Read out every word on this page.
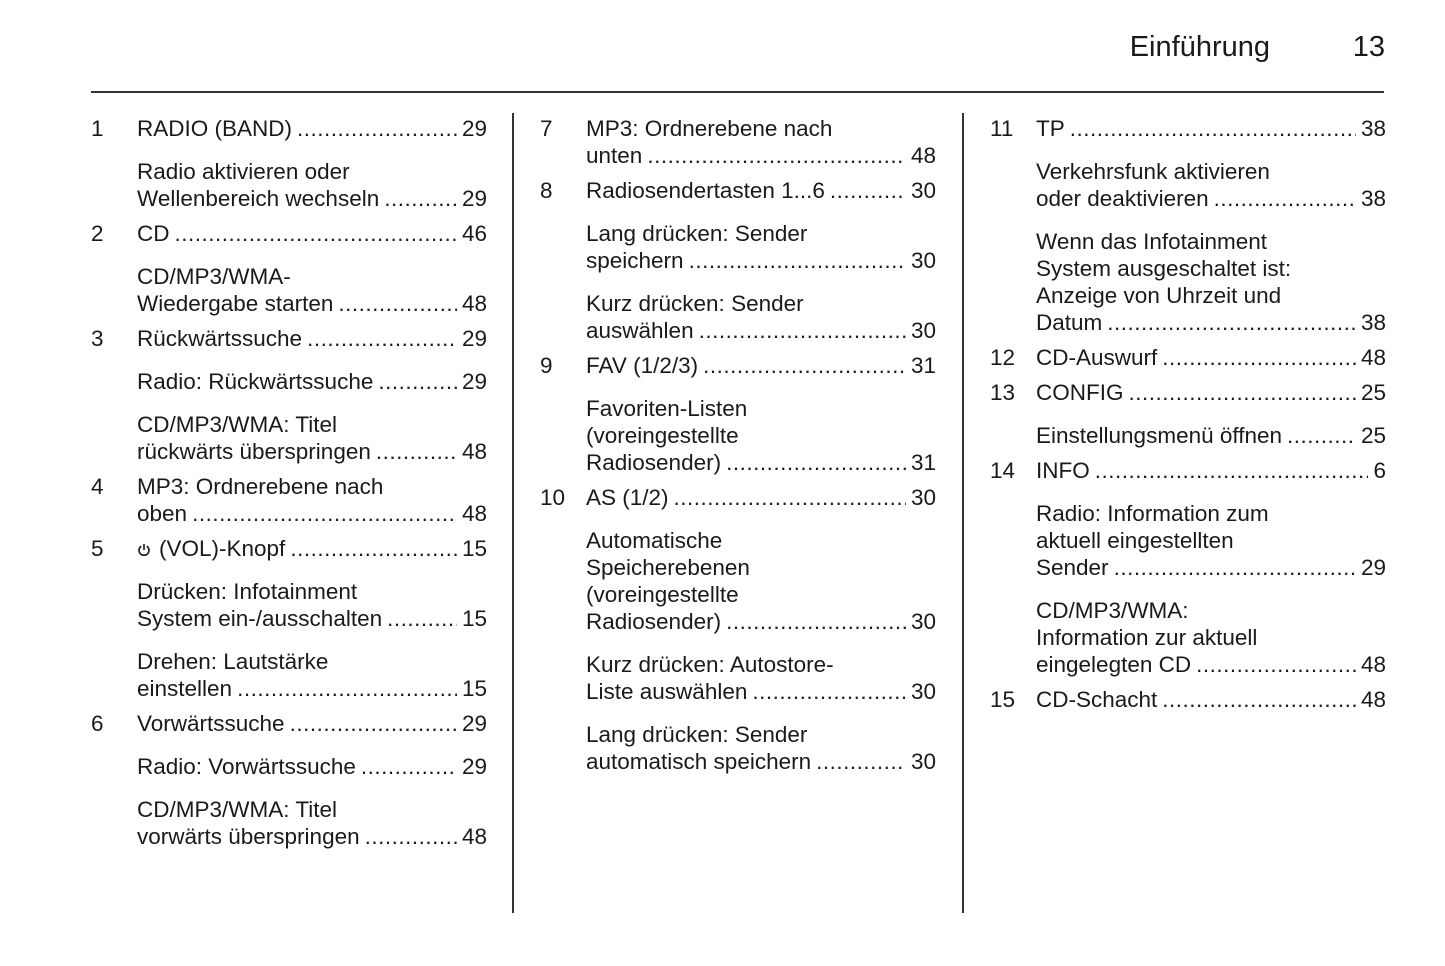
Einführung	13
1 RADIO (BAND) .....	29
Radio aktivieren oder
Wellenbereich wechseln .....	29
2 CD .....	46
CD/MP3/WMA-
Wiedergabe starten .....	48
3 Rückwärtssuche .....	29
Radio: Rückwärtssuche .....	29
CD/MP3/WMA: Titel
rückwärts überspringen .....	48
4 MP3: Ordnerebene nach
oben .....	48
5	(VOL)-Knopf .....	15
Drücken: Infotainment
System ein-/ausschalten .....	15
Drehen: Lautstärke
einstellen .....	15
6 Vorwärtssuche .....	29
Radio: Vorwärtssuche .....	29
CD/MP3/WMA: Titel
vorwärts überspringen .....	48
7 MP3: Ordnerebene nach
unten .....	48
8 Radiosendertasten 1...6 .....	30
Lang drücken: Sender
speichern .....	30
Kurz drücken: Sender
auswählen .....	30
9 FAV (1/2/3) .....	31
Favoriten-Listen
(voreingestellte
Radiosender) .....	31
10 AS (1/2) .....	30
Automatische
Speicherebenen
(voreingestellte
Radiosender) .....	30
Kurz drücken: Autostore-
Liste auswählen .....	30
Lang drücken: Sender
automatisch speichern .....	30
11 TP .....	38
Verkehrsfunk aktivieren
oder deaktivieren .....	38
Wenn das Infotainment
System ausgeschaltet ist:
Anzeige von Uhrzeit und
Datum .....	38
12 CD-Auswurf .....	48
13 CONFIG .....	25
Einstellungsmenü öffnen .....	25
14 INFO .....	6
Radio: Information zum
aktuell eingestellten
Sender .....	29
CD/MP3/WMA:
Information zur aktuell
eingelegten CD .....	48
15 CD-Schacht .....	48
